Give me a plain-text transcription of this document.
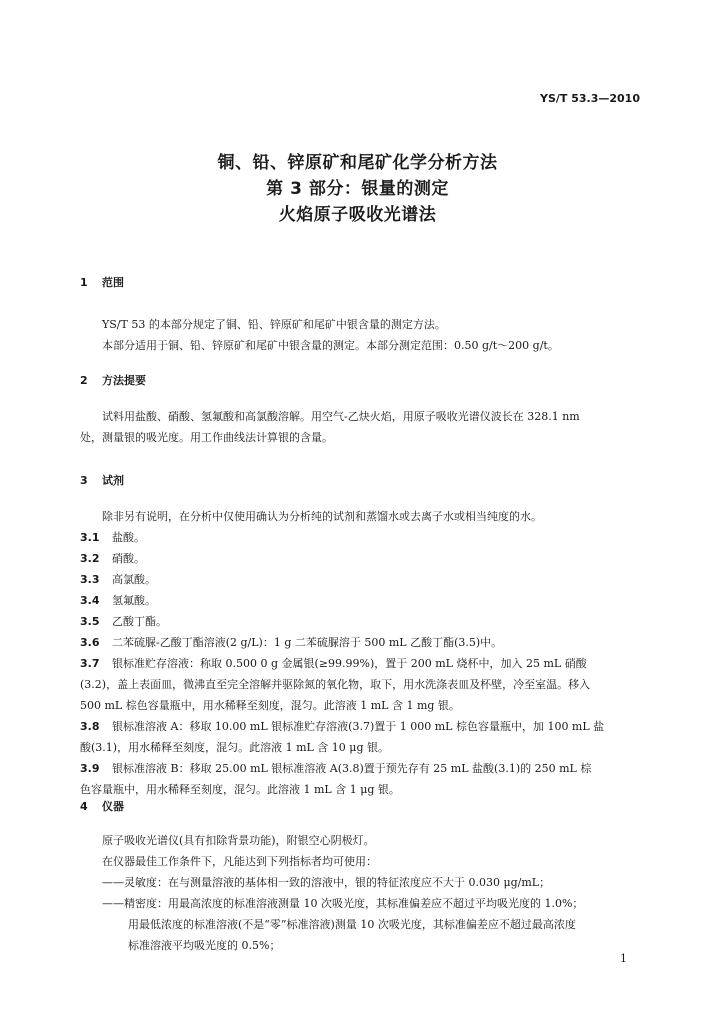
YS/T 53.3—2010
铜、铅、锌原矿和尾矿化学分析方法
第 3 部分：银量的测定
火焰原子吸收光谱法
1 范围
YS/T 53 的本部分规定了铜、铅、锌原矿和尾矿中银含量的测定方法。
本部分适用于铜、铅、锌原矿和尾矿中银含量的测定。本部分测定范围：0.50 g/t～200 g/t。
2 方法提要
试料用盐酸、硝酸、氢氟酸和高氯酸溶解。用空气-乙炔火焰，用原子吸收光谱仪波长在 328.1 nm
处，测量银的吸光度。用工作曲线法计算银的含量。
3 试剂
除非另有说明，在分析中仅使用确认为分析纯的试剂和蒸馏水或去离子水或相当纯度的水。
3.1	盐酸。
3.2	硝酸。
3.3	高氯酸。
3.4	氢氟酸。
3.5	乙酸丁酯。
3.6	二苯硫脲-乙酸丁酯溶液(2 g/L)：1 g 二苯硫脲溶于 500 mL 乙酸丁酯(3.5)中。
3.7	银标准贮存溶液：称取 0.500 0 g 金属银(≥99.99%)，置于 200 mL 烧杯中，加入 25 mL 硝酸
(3.2)，盖上表面皿，微沸直至完全溶解并驱除氮的氧化物，取下，用水洗涤表皿及杯壁，冷至室温。移入
500 mL 棕色容量瓶中，用水稀释至刻度，混匀。此溶液 1 mL 含 1 mg 银。
3.8	银标准溶液 A：移取 10.00 mL 银标准贮存溶液(3.7)置于 1 000 mL 棕色容量瓶中，加 100 mL 盐
酸(3.1)，用水稀释至刻度，混匀。此溶液 1 mL 含 10 μg 银。
3.9	银标准溶液 B：移取 25.00 mL 银标准溶液 A(3.8)置于预先存有 25 mL 盐酸(3.1)的 250 mL 棕
色容量瓶中，用水稀释至刻度，混匀。此溶液 1 mL 含 1 μg 银。
4 仪器
原子吸收光谱仪(具有扣除背景功能)，附银空心阴极灯。
在仪器最佳工作条件下，凡能达到下列指标者均可使用：
——灵敏度：在与测量溶液的基体相一致的溶液中，银的特征浓度应不大于 0.030 μg/mL；
——精密度：用最高浓度的标准溶液测量 10 次吸光度，其标准偏差应不超过平均吸光度的 1.0%；
用最低浓度的标准溶液(不是“零”标准溶液)测量 10 次吸光度，其标准偏差应不超过最高浓度
标准溶液平均吸光度的 0.5%；
1
